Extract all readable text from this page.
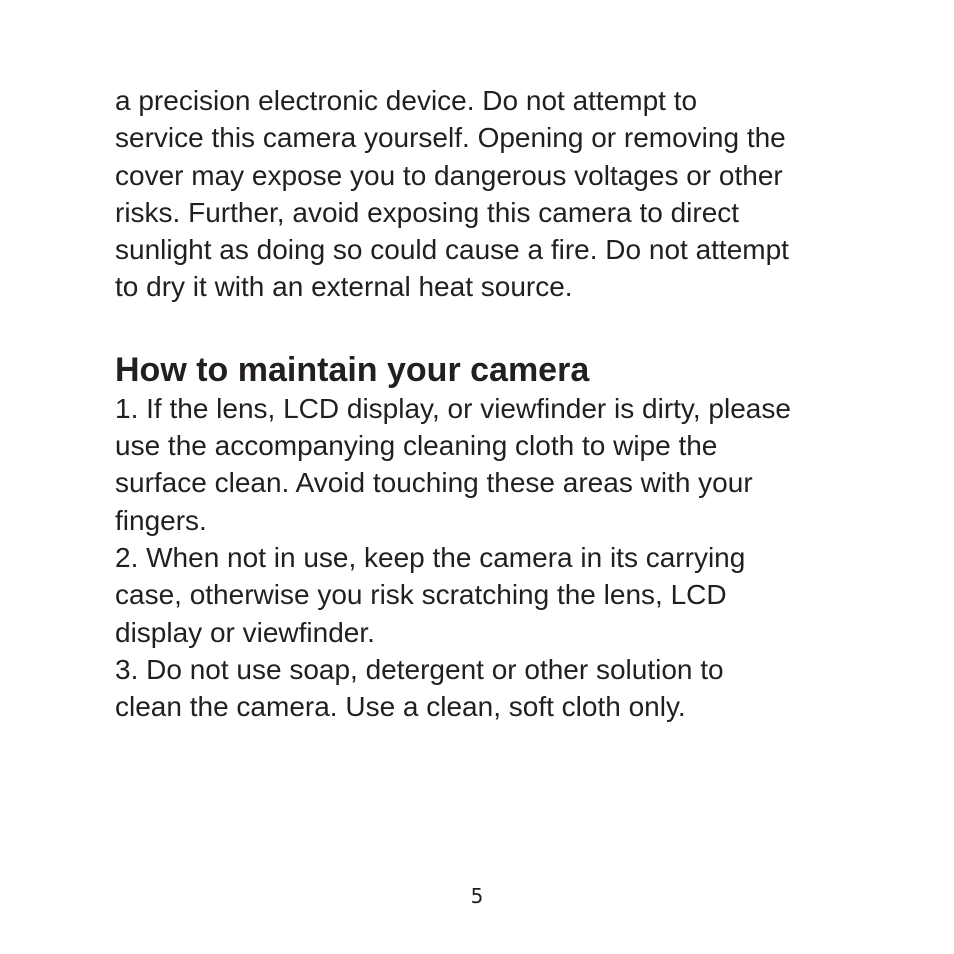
a precision electronic device. Do not attempt to
service this camera yourself. Opening or removing the
cover may expose you to dangerous voltages or other
risks. Further, avoid exposing this camera to direct
sunlight as doing so could cause a fire. Do not attempt
to dry it with an external heat source.

How to maintain your camera

1. If the lens, LCD display, or viewfinder is dirty, please
use the accompanying cleaning cloth to wipe the
surface clean. Avoid touching these areas with your
fingers.

2. When not in use, keep the camera in its carrying
case, otherwise you risk scratching the lens, LCD
display or viewfinder.

3. Do not use soap, detergent or other solution to
clean the camera. Use a clean, soft cloth only.

5
